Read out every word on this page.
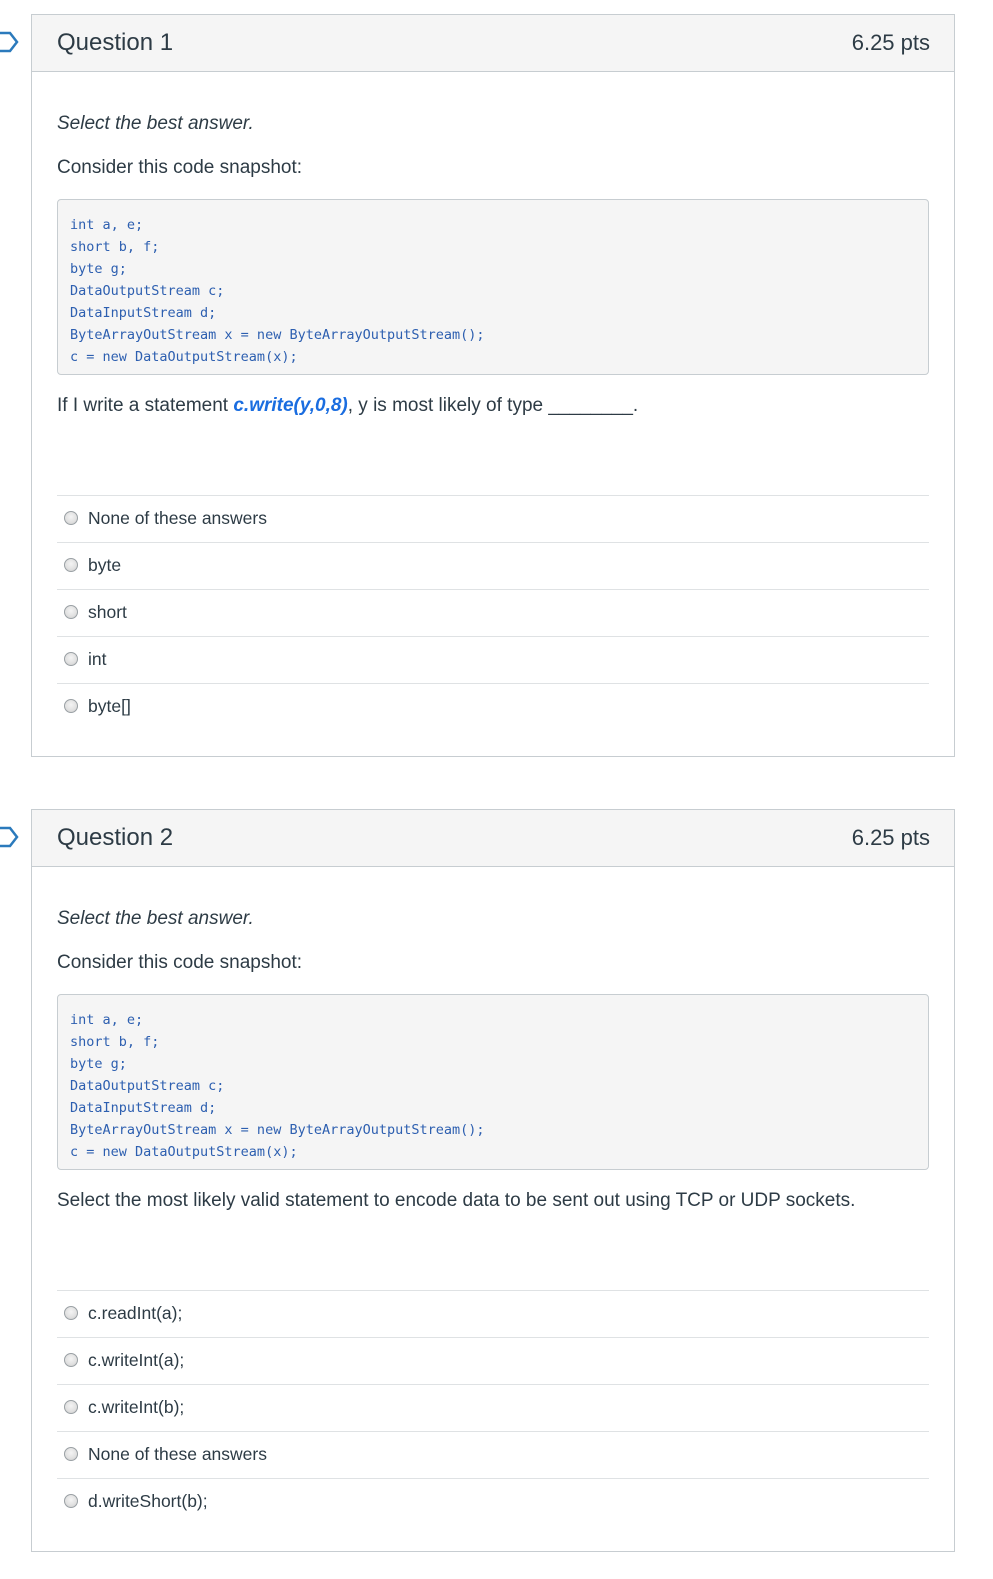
Question 1	6.25 pts
Select the best answer.
Consider this code snapshot:
int a, e;
short b, f;
byte g;
DataOutputStream c;
DataInputStream d;
ByteArrayOutStream x = new ByteArrayOutputStream();
c = new DataOutputStream(x);
If I write a statement c.write(y,0,8), y is most likely of type ________.
None of these answers
byte
short
int
byte[]
Question 2	6.25 pts
Select the best answer.
Consider this code snapshot:
int a, e;
short b, f;
byte g;
DataOutputStream c;
DataInputStream d;
ByteArrayOutStream x = new ByteArrayOutputStream();
c = new DataOutputStream(x);
Select the most likely valid statement to encode data to be sent out using TCP or UDP sockets.
c.readInt(a);
c.writeInt(a);
c.writeInt(b);
None of these answers
d.writeShort(b);
